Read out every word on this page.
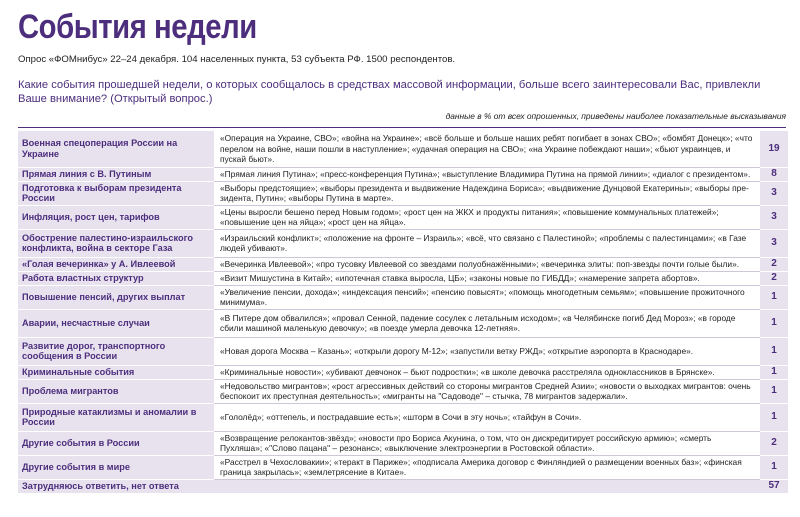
События недели
Опрос «ФОМнибус» 22–24 декабря. 104 населенных пункта, 53 субъекта РФ. 1500 респондентов.
Какие события прошедшей недели, о которых сообщалось в средствах массовой информации, больше всего заинтересовали Вас, привлекли Ваше внимание? (Открытый вопрос.)
данные в % от всех опрошенных, приведены наиболее показательные высказывания
Военная спецоперация России на Украине	«Операция на Украине, СВО»; «война на Украине»; «всё больше и больше наших ребят погибает в зонах СВО»; «бомбят Донецк»; «что перелом на войне, наши пошли в наступление»; «удачная операция на СВО»; «на Украине побеждают наши»; «бьют украинцев, и пускай бьют».	19
Прямая линия с В. Путиным	«Прямая линия Путина»; «пресс-конференция Путина»; «выступление Владимира Путина на прямой линии»; «диалог с президентом».	8
Подготовка к выборам президента России	«Выборы предстоящие»; «выборы президента и выдвижение Надеждина Бориса»; «выдвижение Дунцовой Екатерины»; «выборы президента, Путин»; «выборы Путина в марте».	3
Инфляция, рост цен, тарифов	«Цены выросли бешено перед Новым годом»; «рост цен на ЖКХ и продукты питания»; «повышение коммунальных платежей»; «повышение цен на яйца»; «рост цен на яйца».	3
Обострение палестино-израильского конфликта, война в секторе Газа	«Израильский конфликт»; «положение на фронте – Израиль»; «всё, что связано с Палестиной»; «проблемы с палестинцами»; «в Газе людей убивают».	3
«Голая вечеринка» у А. Ивлеевой	«Вечеринка Ивлеевой»; «про тусовку Ивлеевой со звездами полуобнажёнными»; «вечеринка элиты: поп-звезды почти голые были».	2
Работа властных структур	«Визит Мишустина в Китай»; «ипотечная ставка выросла, ЦБ»; «законы новые по ГИБДД»; «намерение запрета абортов».	2
Повышение пенсий, других выплат	«Увеличение пенсии, дохода»; «индексация пенсий»; «пенсию повысят»; «помощь многодетным семьям»; «повышение прожиточного минимума».	1
Аварии, несчастные случаи	«В Питере дом обвалился»; «провал Сенной, падение сосулек с летальным исходом»; «в Челябинске погиб Дед Мороз»; «в городе сбили машиной маленькую девочку»; «в поезде умерла девочка 12-летняя».	1
Развитие дорог, транспортного сообщения в России	«Новая дорога Москва – Казань»; «открыли дорогу М-12»; «запустили ветку РЖД»; «открытие аэропорта в Краснодаре».	1
Криминальные события	«Криминальные новости»; «убивают девчонок – бьют подростки»; «в школе девочка расстреляла одноклассников в Брянске».	1
Проблема мигрантов	«Недовольство мигрантов»; «рост агрессивных действий со стороны мигрантов Средней Азии»; «новости о выходках мигрантов: очень беспокоит их преступная деятельность»; «мигранты на "Садоводе" – стычка, 78 мигрантов задержали».	1
Природные катаклизмы и аномалии в России	«Гололёд»; «оттепель, и пострадавшие есть»; «шторм в Сочи в эту ночь»; «тайфун в Сочи».	1
Другие события в России	«Возвращение релокантов-звёзд»; «новости про Бориса Акунина, о том, что он дискредитирует российскую армию»; «смерть Пухляша»; «"Слово пацана" – резонанс»; «выключение электроэнергии в Ростовской области».	2
Другие события в мире	«Расстрел в Чехословакии»; «теракт в Париже»; «подписала Америка договор с Финляндией о размещении военных баз»; «финская граница закрылась»; «землетрясение в Китае».	1
Затрудняюсь ответить, нет ответа		57
